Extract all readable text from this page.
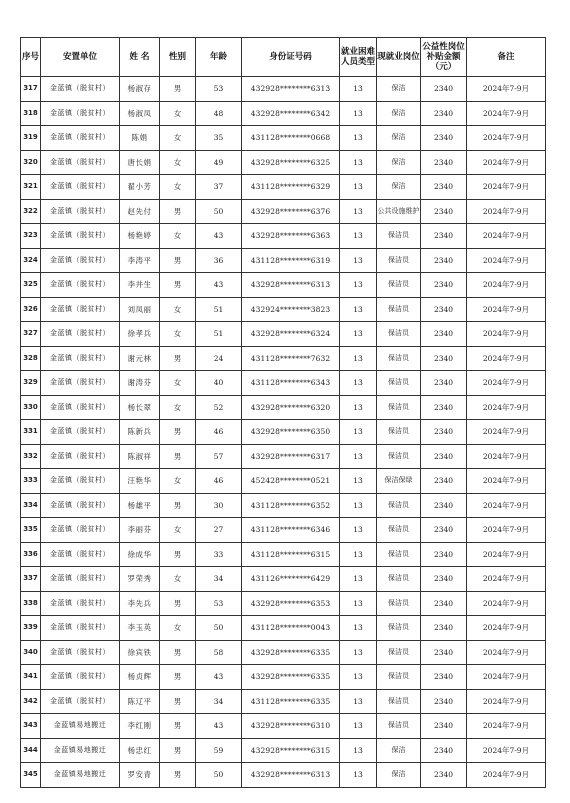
序号	安置单位	姓 名	性别	年龄	身份证号码	就业困难人员类型	现就业岗位	公益性岗位补贴金额（元）	备注
317	金蓝镇（脱贫村）	杨淑存	男	53	432928********6313	13	保洁	2340	2024年7-9月
318	金蓝镇（脱贫村）	杨淑凤	女	48	432928********6342	13	保洁	2340	2024年7-9月
319	金蓝镇（脱贫村）	陈娟	女	35	431128********0668	13	保洁	2340	2024年7-9月
320	金蓝镇（脱贫村）	唐长娟	女	49	432928********6325	13	保洁	2340	2024年7-9月
321	金蓝镇（脱贫村）	翟小芳	女	37	431128********6329	13	保洁	2340	2024年7-9月
322	金蓝镇（脱贫村）	赵先付	男	50	432928********6376	13	公共设施维护	2340	2024年7-9月
323	金蓝镇（脱贫村）	杨艳婷	女	43	432928********6363	13	保洁员	2340	2024年7-9月
324	金蓝镇（脱贫村）	李涛平	男	36	431128********6319	13	保洁员	2340	2024年7-9月
325	金蓝镇（脱贫村）	李井生	男	43	432928********6313	13	保洁员	2340	2024年7-9月
326	金蓝镇（脱贫村）	刘凤丽	女	51	432924********3823	13	保洁员	2340	2024年7-9月
327	金蓝镇（脱贫村）	徐孝兵	女	51	432928********6324	13	保洁员	2340	2024年7-9月
328	金蓝镇（脱贫村）	谢元林	男	24	431128********7632	13	保洁员	2340	2024年7-9月
329	金蓝镇（脱贫村）	谢涛芬	女	40	431128********6343	13	保洁员	2340	2024年7-9月
330	金蓝镇（脱贫村）	杨长翠	女	52	432928********6320	13	保洁员	2340	2024年7-9月
331	金蓝镇（脱贫村）	陈新兵	男	46	432928********6350	13	保洁员	2340	2024年7-9月
332	金蓝镇（脱贫村）	陈淑祥	男	57	432928********6317	13	保洁员	2340	2024年7-9月
333	金蓝镇（脱贫村）	汪艳华	女	46	452428********0521	13	保洁保绿	2340	2024年7-9月
334	金蓝镇（脱贫村）	杨雄平	男	30	431128********6352	13	保洁员	2340	2024年7-9月
335	金蓝镇（脱贫村）	李丽芬	女	27	431128********6346	13	保洁员	2340	2024年7-9月
336	金蓝镇（脱贫村）	徐成华	男	33	431128********6315	13	保洁员	2340	2024年7-9月
337	金蓝镇（脱贫村）	罗荣秀	女	34	431126********6429	13	保洁员	2340	2024年7-9月
338	金蓝镇（脱贫村）	李先兵	男	53	432928********6353	13	保洁员	2340	2024年7-9月
339	金蓝镇（脱贫村）	李玉英	女	50	431128********0043	13	保洁员	2340	2024年7-9月
340	金蓝镇（脱贫村）	徐宾铁	男	58	432928********6335	13	保洁员	2340	2024年7-9月
341	金蓝镇（脱贫村）	杨贞辉	男	43	432928********6335	13	保洁员	2340	2024年7-9月
342	金蓝镇（脱贫村）	陈辽平	男	34	431128********6335	13	保洁员	2340	2024年7-9月
343	金蓝镇易地搬迁	李红刚	男	43	432928********6310	13	保洁员	2340	2024年7-9月
344	金蓝镇易地搬迁	杨忠红	男	59	432928********6315	13	保洁	2340	2024年7-9月
345	金蓝镇易地搬迁	罗安青	男	50	432928********6313	13	保洁	2340	2024年7-9月
